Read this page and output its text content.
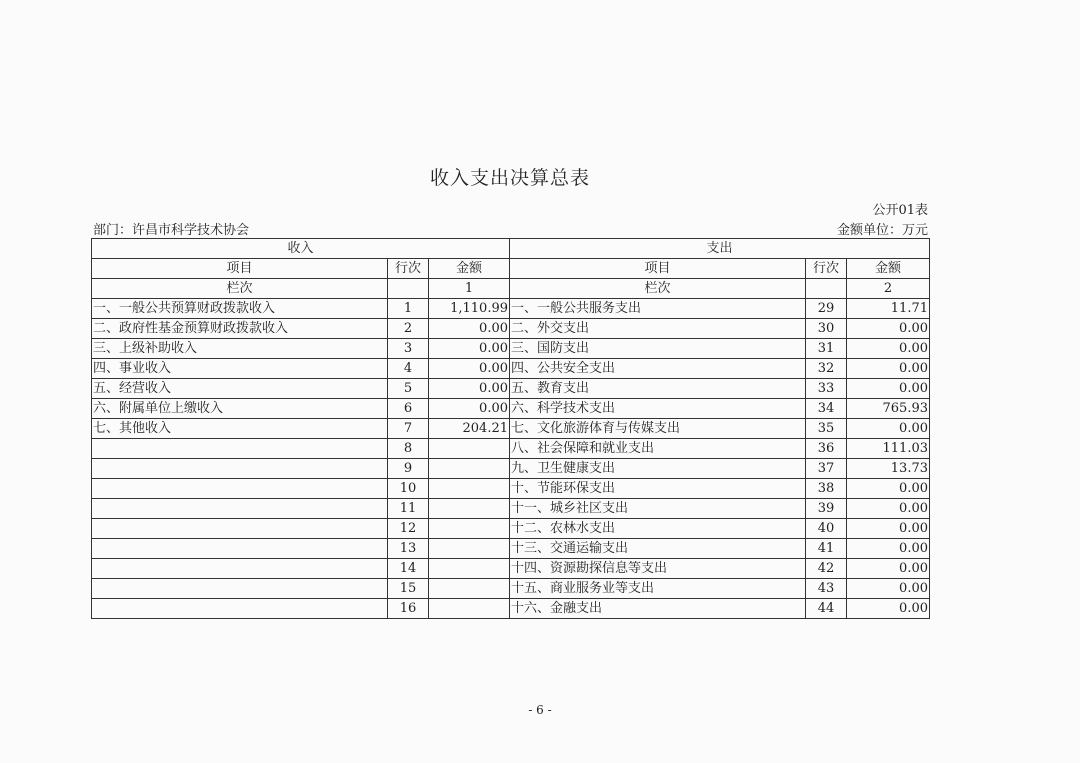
收入支出决算总表
公开01表
部门：许昌市科学技术协会	金额单位：万元
收入			支出		
项目	行次	金额	项目	行次	金额
栏次		1	栏次		2
一、一般公共预算财政拨款收入	1	1,110.99	一、一般公共服务支出	29	11.71
二、政府性基金预算财政拨款收入	2	0.00	二、外交支出	30	0.00
三、上级补助收入	3	0.00	三、国防支出	31	0.00
四、事业收入	4	0.00	四、公共安全支出	32	0.00
五、经营收入	5	0.00	五、教育支出	33	0.00
六、附属单位上缴收入	6	0.00	六、科学技术支出	34	765.93
七、其他收入	7	204.21	七、文化旅游体育与传媒支出	35	0.00
	8		八、社会保障和就业支出	36	111.03
	9		九、卫生健康支出	37	13.73
	10		十、节能环保支出	38	0.00
	11		十一、城乡社区支出	39	0.00
	12		十二、农林水支出	40	0.00
	13		十三、交通运输支出	41	0.00
	14		十四、资源勘探信息等支出	42	0.00
	15		十五、商业服务业等支出	43	0.00
	16		十六、金融支出	44	0.00
- 6 -
